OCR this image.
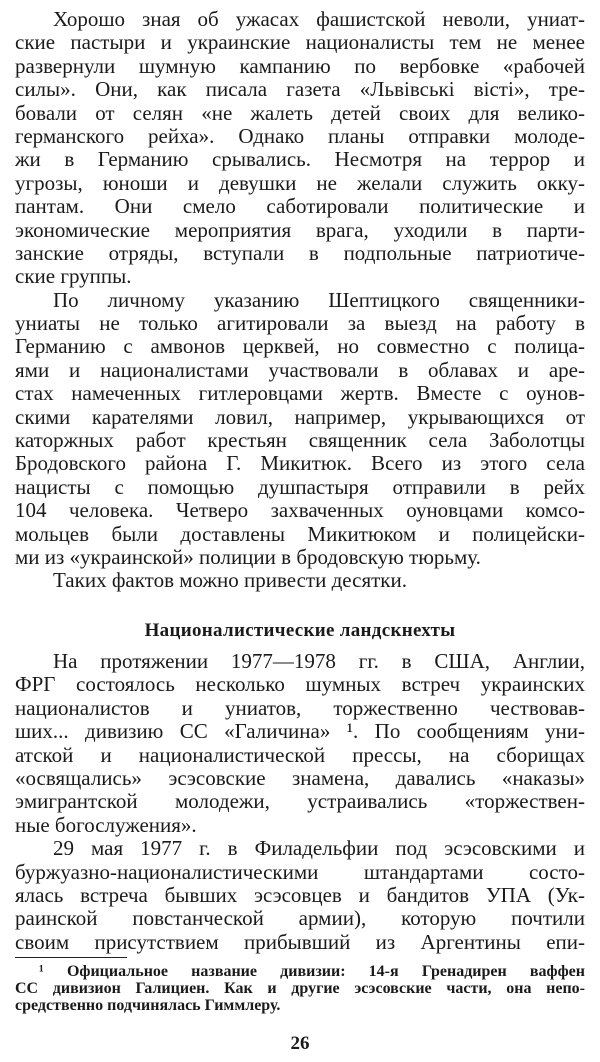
Хорошо зная об ужасах фашистской неволи, униат-
ские пастыри и украинские националисты тем не менее
развернули шумную кампанию по вербовке «рабочей
силы». Они, как писала газета «Львівські вісті», тре-
бовали от селян «не жалеть детей своих для велико-
германского рейха». Однако планы отправки молоде-
жи в Германию срывались. Несмотря на террор и
угрозы, юноши и девушки не желали служить окку-
пантам. Они смело саботировали политические и
экономические мероприятия врага, уходили в парти-
занские отряды, вступали в подпольные патриотиче-
ские группы.
По личному указанию Шептицкого священники-
униаты не только агитировали за выезд на работу в
Германию с амвонов церквей, но совместно с полица-
ями и националистами участвовали в облавах и аре-
стах намеченных гитлеровцами жертв. Вместе с оунов-
скими карателями ловил, например, укрывающихся от
каторжных работ крестьян священник села Заболотцы
Бродовского района Г. Микитюк. Всего из этого села
нацисты с помощью душпастыря отправили в рейх
104 человека. Четверо захваченных оуновцами комсо-
мольцев были доставлены Микитюком и полицейски-
ми из «украинской» полиции в бродовскую тюрьму.
Таких фактов можно привести десятки.
Националистические ландскнехты
На протяжении 1977—1978 гг. в США, Англии,
ФРГ состоялось несколько шумных встреч украинских
националистов и униатов, торжественно чествовав-
ших... дивизию СС «Галичина» ¹. По сообщениям уни-
атской и националистической прессы, на сборищах
«освящались» эсэсовские знамена, давались «наказы»
эмигрантской молодежи, устраивались «торжествен-
ные богослужения».
29 мая 1977 г. в Филадельфии под эсэсовскими и
буржуазно-националистическими штандартами состо-
ялась встреча бывших эсэсовцев и бандитов УПА (Ук-
раинской повстанческой армии), которую почтили
своим присутствием прибывший из Аргентины епи-
¹ Официальное название дивизии: 14-я Гренадирен ваффен
СС дивизион Галициен. Как и другие эсэсовские части, она непо-
средственно подчинялась Гиммлеру.
26
